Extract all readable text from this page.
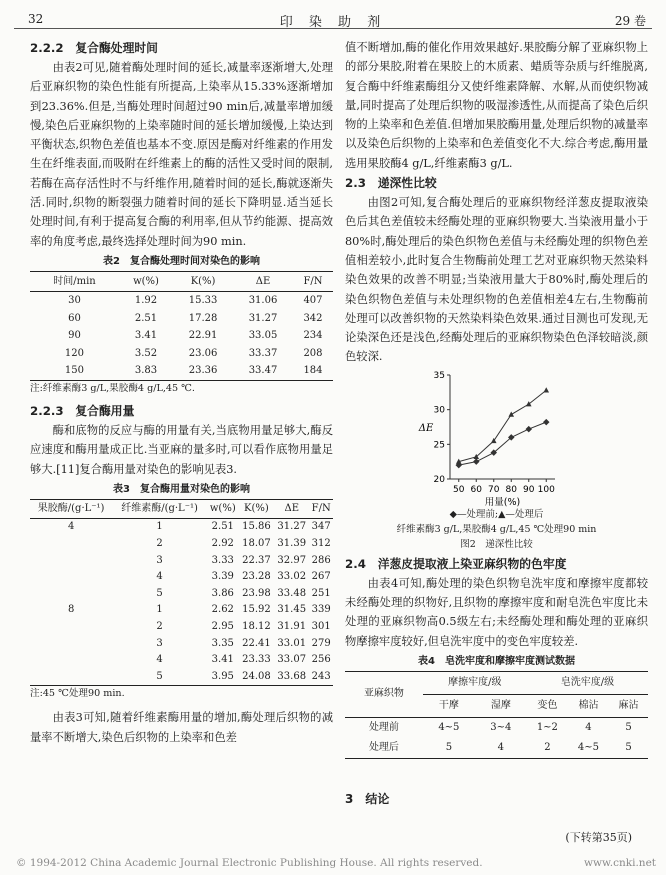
32	印 染 助 剂	29 卷
2.2.2　复合酶处理时间

由表2可见,随着酶处理时间的延长,减量率逐渐增大,处理后亚麻织物的染色性能有所提高,上染率从15.33%逐渐增加到23.36%.但是,当酶处理时间超过90 min后,减量率增加缓慢,染色后亚麻织物的上染率随时间的延长增加缓慢,上染达到平衡状态,织物色差值也基本不变.原因是酶对纤维素的作用发生在纤维表面,而吸附在纤维素上的酶的活性又受时间的限制,若酶在高存活性时不与纤维作用,随着时间的延长,酶就逐渐失活.同时,织物的断裂强力随着时间的延长下降明显.适当延长处理时间,有利于提高复合酶的利用率,但从节约能源、提高效率的角度考虑,最终选择处理时间为90 min.

表2　复合酶处理时间对染色的影响
时间/min	w(%)	K(%)	ΔE	F/N
30	1.92	15.33	31.06	407
60	2.51	17.28	31.27	342
90	3.41	22.91	33.05	234
120	3.52	23.06	33.37	208
150	3.83	23.36	33.47	184
注:纤维素酶3 g/L,果胶酶4 g/L,45 ℃.
2.2.3　复合酶用量

酶和底物的反应与酶的用量有关,当底物用量足够大,酶反应速度和酶用量成正比.当亚麻的量多时,可以看作底物用量足够大.[11]复合酶用量对染色的影响见表3.

表3　复合酶用量对染色的影响
果胶酶/(g·L⁻¹)	纤维素酶/(g·L⁻¹)	w(%)	K(%)	ΔE	F/N
4	1	2.51	15.86	31.27	347
	2	2.92	18.07	31.39	312
	3	3.33	22.37	32.97	286
	4	3.39	23.28	33.02	267
	5	3.86	23.98	33.48	251
8	1	2.62	15.92	31.45	339
	2	2.95	18.12	31.91	301
	3	3.35	22.41	33.01	279
	4	3.41	23.33	33.07	256
	5	3.95	24.08	33.68	243
注:45 ℃处理90 min.

由表3可知,随着纤维素酶用量的增加,酶处理后织物的减量率不断增大,染色后织物的上染率和色差

值不断增加,酶的催化作用效果越好.果胶酶分解了亚麻织物上的部分果胶,附着在果胶上的木质素、蜡质等杂质与纤维脱离,复合酶中纤维素酶组分又使纤维素降解、水解,从而使织物减量,同时提高了处理后织物的吸湿渗透性,从而提高了染色后织物的上染率和色差值.但增加果胶酶用量,处理后织物的减量率以及染色后织物的上染率和色差值变化不大.综合考虑,酶用量选用果胶酶4 g/L,纤维素酶3 g/L.

2.3　递深性比较

由图2可知,复合酶处理后的亚麻织物经洋葱皮提取液染色后其色差值较未经酶处理的亚麻织物要大.当染液用量小于80%时,酶处理后的染色织物色差值与未经酶处理的织物色差值相差较小,此时复合生物酶前处理工艺对亚麻织物天然染料染色效果的改善不明显;当染液用量大于80%时,酶处理后的染色织物色差值与未处理织物的色差值相差4左右,生物酶前处理可以改善织物的天然染料染色效果.通过目测也可发现,无论染深色还是浅色,经酶处理后的亚麻织物染色色泽较暗淡,颜色较深.

20
25
30
35
50 60 70 80 90 100
ΔE
用量(%)
◆—处理前;▲—处理后
纤维素酶3 g/L,果胶酶4 g/L,45 ℃处理90 min
图2　递深性比较
2.4　洋葱皮提取液上染亚麻织物的色牢度

由表4可知,酶处理的染色织物皂洗牢度和摩擦牢度都较未经酶处理的织物好,且织物的摩擦牢度和耐皂洗色牢度比未处理的亚麻织物高0.5级左右;未经酶处理和酶处理的亚麻织物摩擦牢度较好,但皂洗牢度中的变色牢度较差.

表4　皂洗牢度和摩擦牢度测试数据
亚麻织物	摩擦牢度/级		皂洗牢度/级		
	干摩	湿摩	变色	棉沾	麻沾
处理前	4~5	3~4	1~2	4	5
处理后	5	4	2	4~5	5
3　结论
(下转第35页)
© 1994-2012 China Academic Journal Electronic Publishing House. All rights reserved.	www.cnki.net
